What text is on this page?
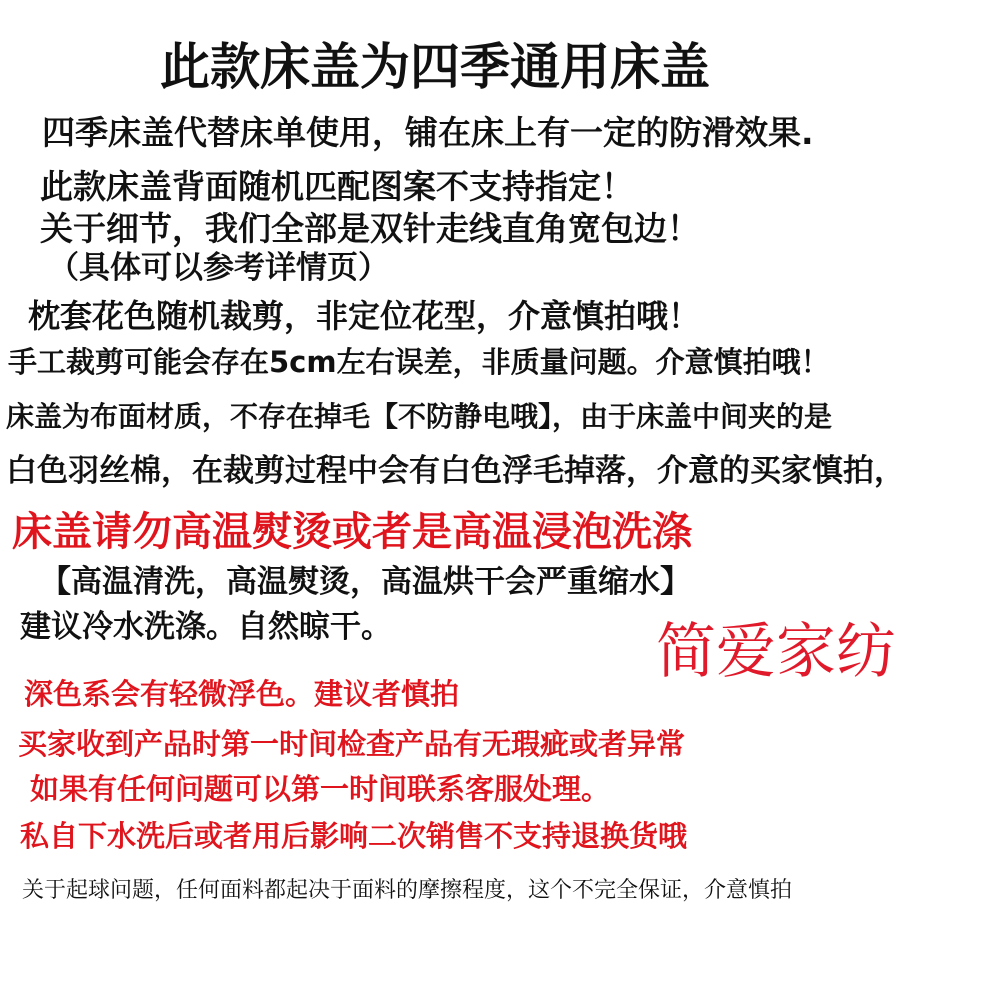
此款床盖为四季通用床盖
四季床盖代替床单使用，铺在床上有一定的防滑效果.
此款床盖背面随机匹配图案不支持指定！
关于细节，我们全部是双针走线直角宽包边！
（具体可以参考详情页）
枕套花色随机裁剪，非定位花型，介意慎拍哦！
手工裁剪可能会存在5cm左右误差，非质量问题。介意慎拍哦！
床盖为布面材质，不存在掉毛【不防静电哦】，由于床盖中间夹的是
白色羽丝棉，在裁剪过程中会有白色浮毛掉落，介意的买家慎拍，
床盖请勿高温熨烫或者是高温浸泡洗涤
【高温清洗，高温熨烫，高温烘干会严重缩水】
建议冷水洗涤。自然晾干。	简爱家纺
深色系会有轻微浮色。建议者慎拍
买家收到产品时第一时间检查产品有无瑕疵或者异常
如果有任何问题可以第一时间联系客服处理。
私自下水洗后或者用后影响二次销售不支持退换货哦
关于起球问题，任何面料都起决于面料的摩擦程度，这个不完全保证，介意慎拍
